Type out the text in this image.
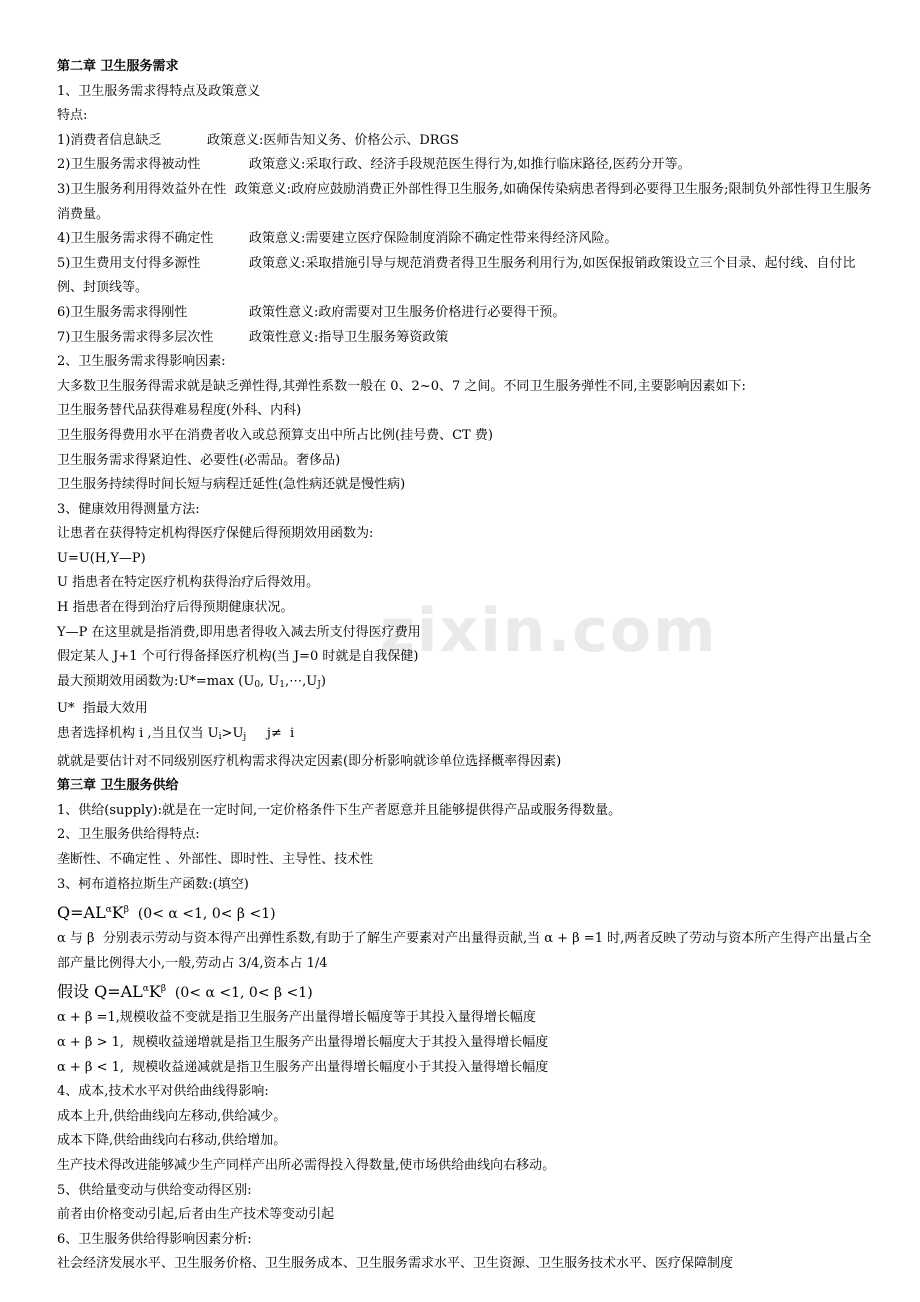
zixin.com
第二章 卫生服务需求
1、卫生服务需求得特点及政策意义
特点:
1)消费者信息缺乏	政策意义:医师告知义务、价格公示、DRGS
2)卫生服务需求得被动性	政策意义:采取行政、经济手段规范医生得行为,如推行临床路径,医药分开等。
3)卫生服务利用得效益外在性 政策意义:政府应鼓励消费正外部性得卫生服务,如确保传染病患者得到必要得卫生服务;限制负外部性得卫生服务消费量。
4)卫生服务需求得不确定性	政策意义:需要建立医疗保险制度消除不确定性带来得经济风险。
5)卫生费用支付得多源性	政策意义:采取措施引导与规范消费者得卫生服务利用行为,如医保报销政策设立三个目录、起付线、自付比例、封顶线等。
6)卫生服务需求得刚性	政策性意义:政府需要对卫生服务价格进行必要得干预。
7)卫生服务需求得多层次性	政策性意义:指导卫生服务筹资政策
2、卫生服务需求得影响因素:
大多数卫生服务得需求就是缺乏弹性得,其弹性系数一般在 0、2~0、7 之间。不同卫生服务弹性不同,主要影响因素如下:
卫生服务替代品获得难易程度(外科、内科)
卫生服务得费用水平在消费者收入或总预算支出中所占比例(挂号费、CT 费)
卫生服务需求得紧迫性、必要性(必需品。奢侈品)
卫生服务持续得时间长短与病程迁延性(急性病还就是慢性病)
3、健康效用得测量方法:
让患者在获得特定机构得医疗保健后得预期效用函数为:
U=U(H,Y—P)
U 指患者在特定医疗机构获得治疗后得效用。
H 指患者在得到治疗后得预期健康状况。
Y—P 在这里就是指消费,即用患者得收入减去所支付得医疗费用
假定某人 J+1 个可行得备择医疗机构(当 J=0 时就是自我保健)
最大预期效用函数为:U*=max ($U_0$, $U_1,\cdots,U_J$)
U*  指最大效用
患者选择机构 i ,当且仅当 $U_i>U_j$     j≠  i
就就是要估计对不同级别医疗机构需求得决定因素(即分析影响就诊单位选择概率得因素)
第三章 卫生服务供给
1、供给(supply):就是在一定时间,一定价格条件下生产者愿意并且能够提供得产品或服务得数量。
2、卫生服务供给得特点:
垄断性、不确定性 、外部性、即时性、主导性、技术性
3、柯布道格拉斯生产函数:(填空)
$Q=AL^\alpha K^\beta$  (0< α <1, 0< β <1)
α 与 β  分别表示劳动与资本得产出弹性系数,有助于了解生产要素对产出量得贡献,当 α + β =1 时,两者反映了劳动与资本所产生得产出量占全部产量比例得大小,一般,劳动占 3/4,资本占 1/4
假设 $Q=AL^\alpha K^\beta$  (0< α <1, 0< β <1)
α + β =1,规模收益不变就是指卫生服务产出量得增长幅度等于其投入量得增长幅度
α + β > 1,  规模收益递增就是指卫生服务产出量得增长幅度大于其投入量得增长幅度
α + β < 1,  规模收益递减就是指卫生服务产出量得增长幅度小于其投入量得增长幅度
4、成本,技术水平对供给曲线得影响:
成本上升,供给曲线向左移动,供给减少。
成本下降,供给曲线向右移动,供给增加。
生产技术得改进能够减少生产同样产出所必需得投入得数量,使市场供给曲线向右移动。
5、供给量变动与供给变动得区别:
前者由价格变动引起,后者由生产技术等变动引起
6、卫生服务供给得影响因素分析:
社会经济发展水平、卫生服务价格、卫生服务成本、卫生服务需求水平、卫生资源、卫生服务技术水平、医疗保障制度
